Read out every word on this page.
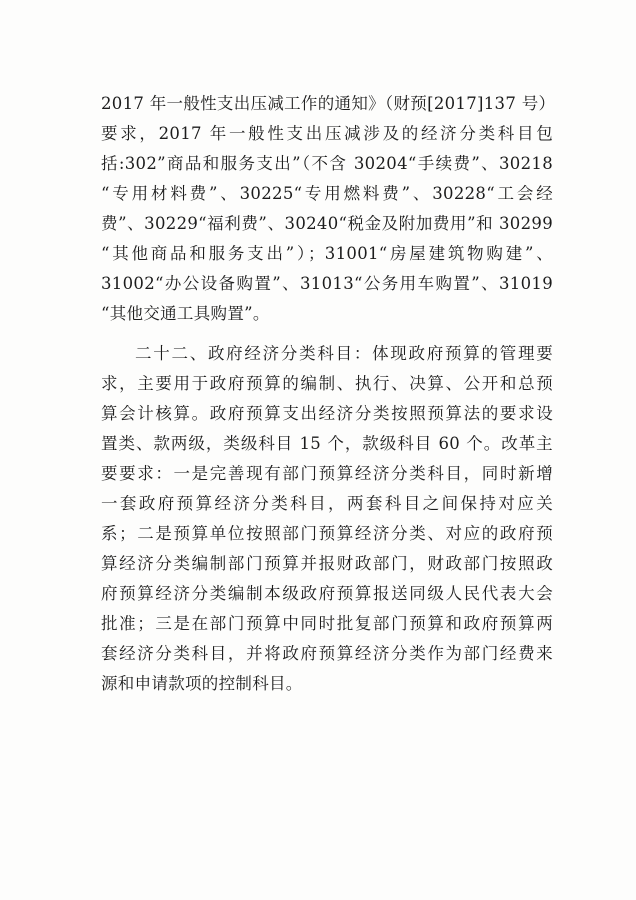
2017 年一般性支出压减工作的通知》（财预[2017]137 号）
要求，2017 年一般性支出压减涉及的经济分类科目包
括:302”商品和服务支出”（不含 30204“手续费”、30218
“专用材料费”、30225“专用燃料费”、30228“工会经
费”、30229“福利费”、30240“税金及附加费用”和 30299
“其他商品和服务支出”）；31001“房屋建筑物购建”、
31002“办公设备购置”、31013“公务用车购置”、31019
“其他交通工具购置”。
二十二、政府经济分类科目：体现政府预算的管理要
求，主要用于政府预算的编制、执行、决算、公开和总预
算会计核算。政府预算支出经济分类按照预算法的要求设
置类、款两级，类级科目 15 个，款级科目 60 个。改革主
要要求：一是完善现有部门预算经济分类科目，同时新增
一套政府预算经济分类科目，两套科目之间保持对应关
系；二是预算单位按照部门预算经济分类、对应的政府预
算经济分类编制部门预算并报财政部门，财政部门按照政
府预算经济分类编制本级政府预算报送同级人民代表大会
批准；三是在部门预算中同时批复部门预算和政府预算两
套经济分类科目，并将政府预算经济分类作为部门经费来
源和申请款项的控制科目。
